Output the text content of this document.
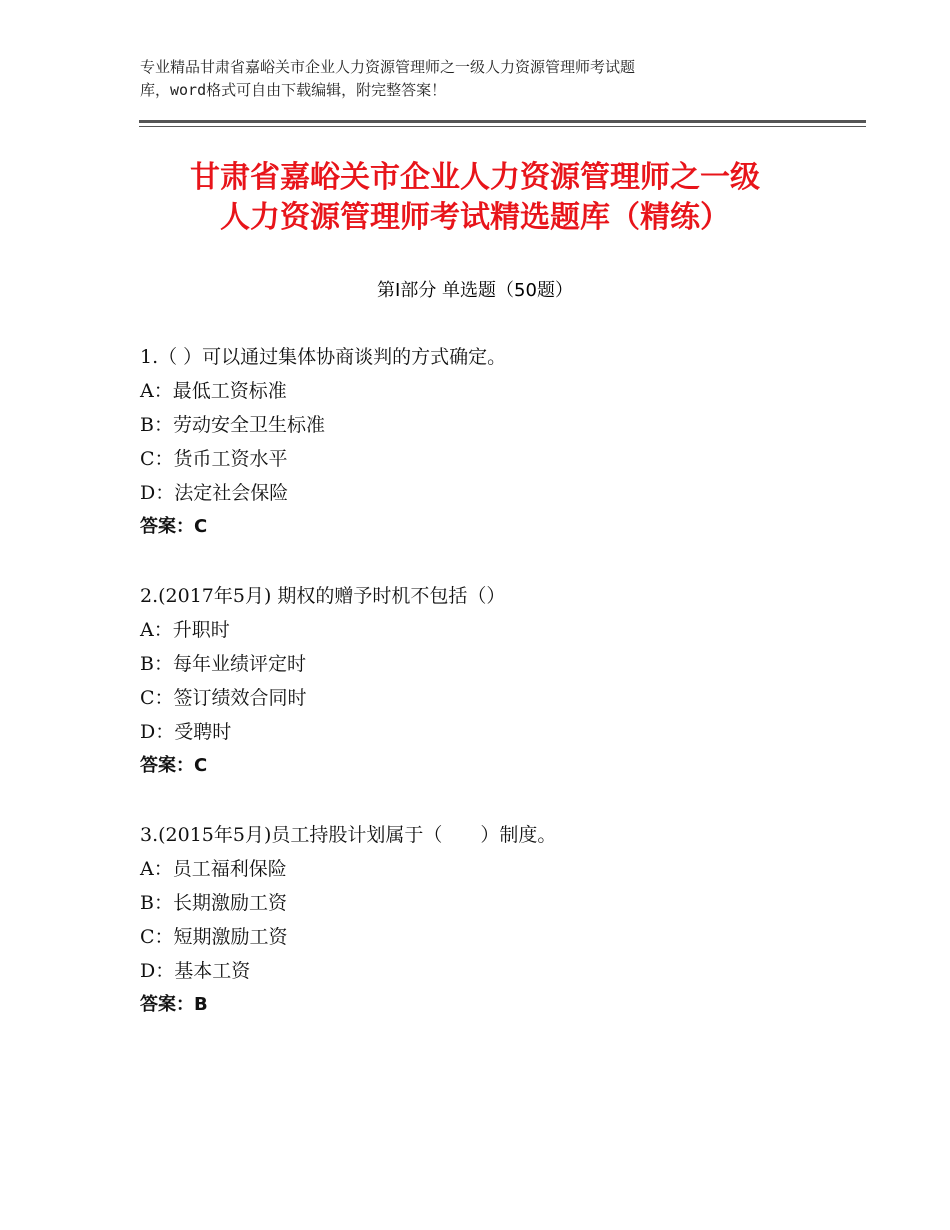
专业精品甘肃省嘉峪关市企业人力资源管理师之一级人力资源管理师考试题
库，word格式可自由下载编辑，附完整答案！
甘肃省嘉峪关市企业人力资源管理师之一级
人力资源管理师考试精选题库（精练）
第Ⅰ部分 单选题（50题）
1.（ ）可以通过集体协商谈判的方式确定。
A：最低工资标准
B：劳动安全卫生标准
C：货币工资水平
D：法定社会保险
答案：C
2.(2017年5月) 期权的赠予时机不包括（）
A：升职时
B：每年业绩评定时
C：签订绩效合同时
D：受聘时
答案：C
3.(2015年5月)员工持股计划属于（　　）制度。
A：员工福利保险
B：长期激励工资
C：短期激励工资
D：基本工资
答案：B
